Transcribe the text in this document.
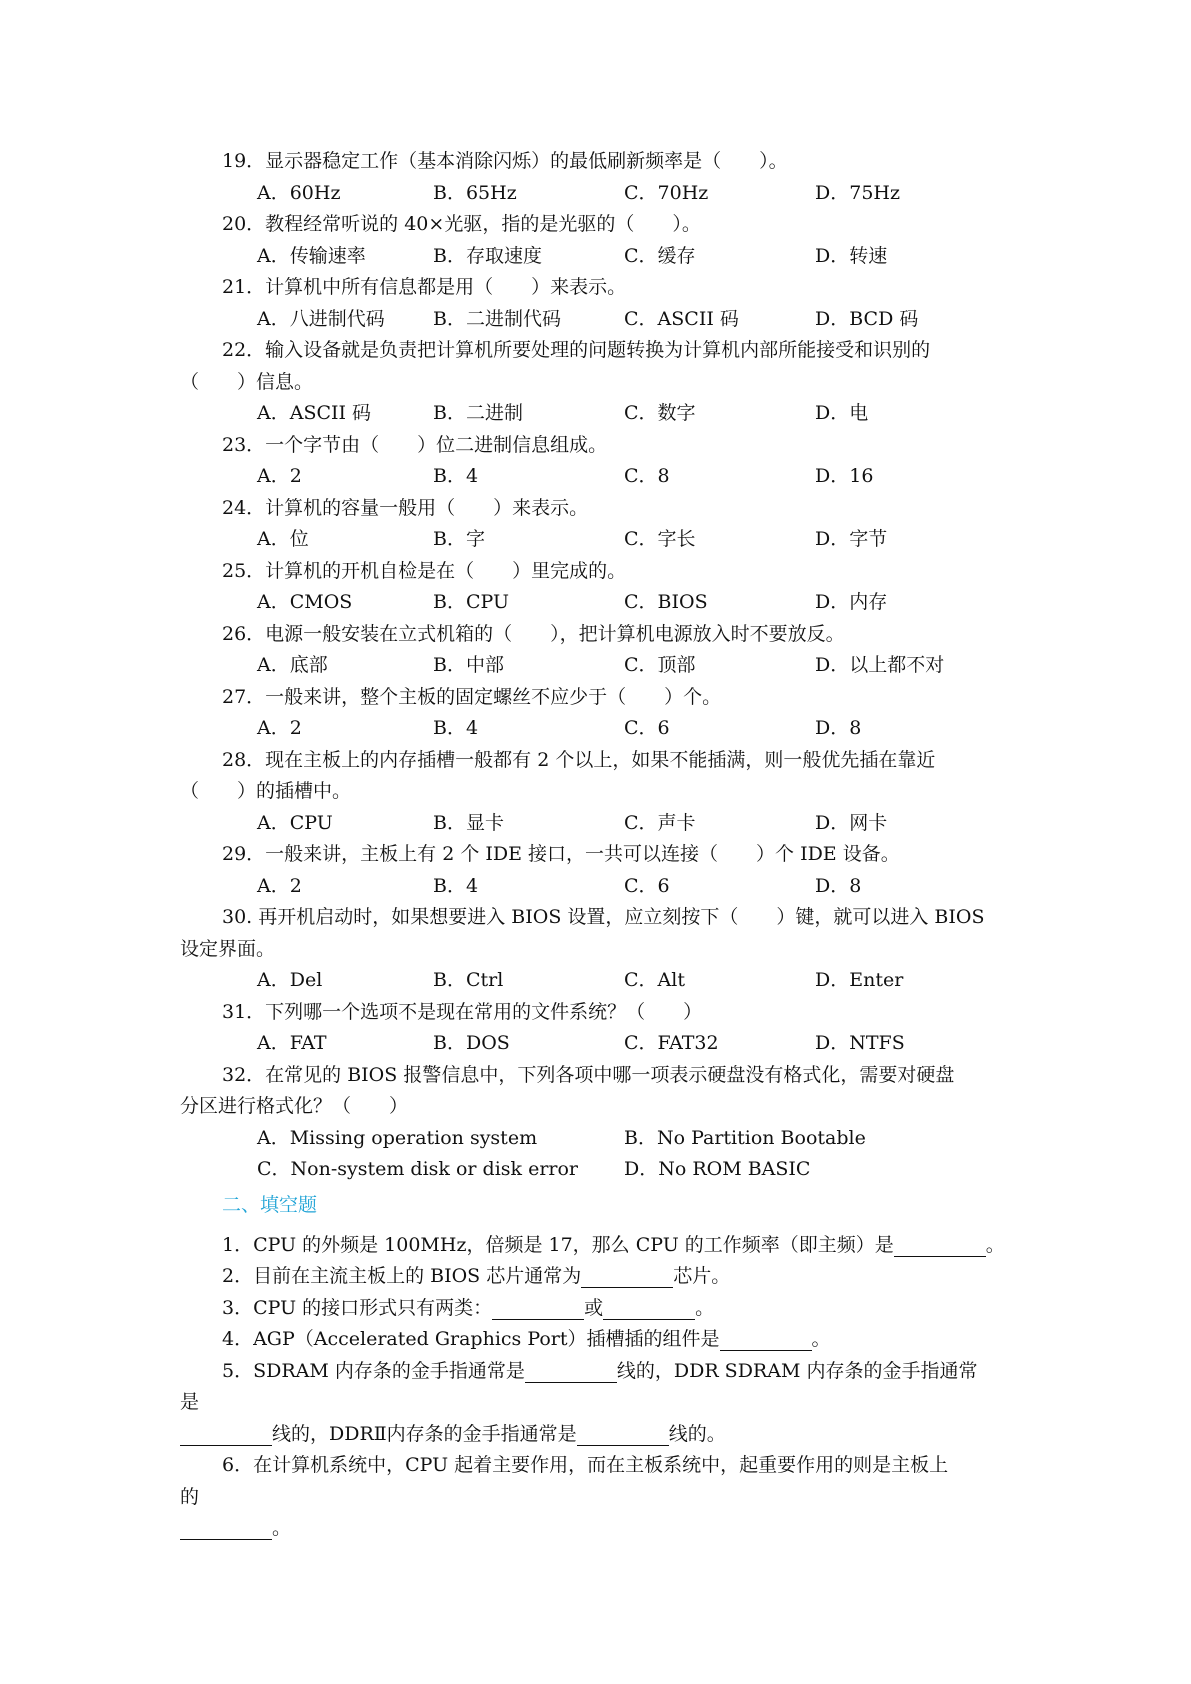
19．显示器稳定工作（基本消除闪烁）的最低刷新频率是（　　）。
A．60Hz	B．65Hz	C．70Hz	D．75Hz
20．教程经常听说的 40×光驱，指的是光驱的（　　）。
A．传输速率	B．存取速度	C．缓存	D．转速
21．计算机中所有信息都是用（　　）来表示。
A．八进制代码	B．二进制代码	C．ASCII 码	D．BCD 码
22．输入设备就是负责把计算机所要处理的问题转换为计算机内部所能接受和识别的
（　　）信息。
A．ASCII 码	B．二进制	C．数字	D．电
23．一个字节由（　　）位二进制信息组成。
A．2	B．4	C．8	D．16
24．计算机的容量一般用（　　）来表示。
A．位	B．字	C．字长	D．字节
25．计算机的开机自检是在（　　）里完成的。
A．CMOS	B．CPU	C．BIOS	D．内存
26．电源一般安装在立式机箱的（　　），把计算机电源放入时不要放反。
A．底部	B．中部	C．顶部	D．以上都不对
27．一般来讲，整个主板的固定螺丝不应少于（　　）个。
A．2	B．4	C．6	D．8
28．现在主板上的内存插槽一般都有 2 个以上，如果不能插满，则一般优先插在靠近
（　　）的插槽中。
A．CPU	B．显卡	C．声卡	D．网卡
29．一般来讲，主板上有 2 个 IDE 接口，一共可以连接（　　）个 IDE 设备。
A．2	B．4	C．6	D．8
30. 再开机启动时，如果想要进入 BIOS 设置，应立刻按下（　　）键，就可以进入 BIOS
设定界面。
A．Del	B．Ctrl	C．Alt	D．Enter
31．下列哪一个选项不是现在常用的文件系统？（　　）
A．FAT	B．DOS	C．FAT32	D．NTFS
32．在常见的 BIOS 报警信息中，下列各项中哪一项表示硬盘没有格式化，需要对硬盘
分区进行格式化？（　　）
A．Missing operation system	B．No Partition Bootable
C．Non-system disk or disk error D．No ROM BASIC
二、填空题
1．CPU 的外频是 100MHz，倍频是 17，那么 CPU 的工作频率（即主频）是	。
2．目前在主流主板上的 BIOS 芯片通常为	芯片。
3．CPU 的接口形式只有两类：	或	。
4．AGP（Accelerated Graphics Port）插槽插的组件是	。
5．SDRAM 内存条的金手指通常是	线的，DDR SDRAM 内存条的金手指通常
是
线的，DDRⅡ内存条的金手指通常是	线的。
6．在计算机系统中，CPU 起着主要作用，而在主板系统中，起重要作用的则是主板上
的
。
